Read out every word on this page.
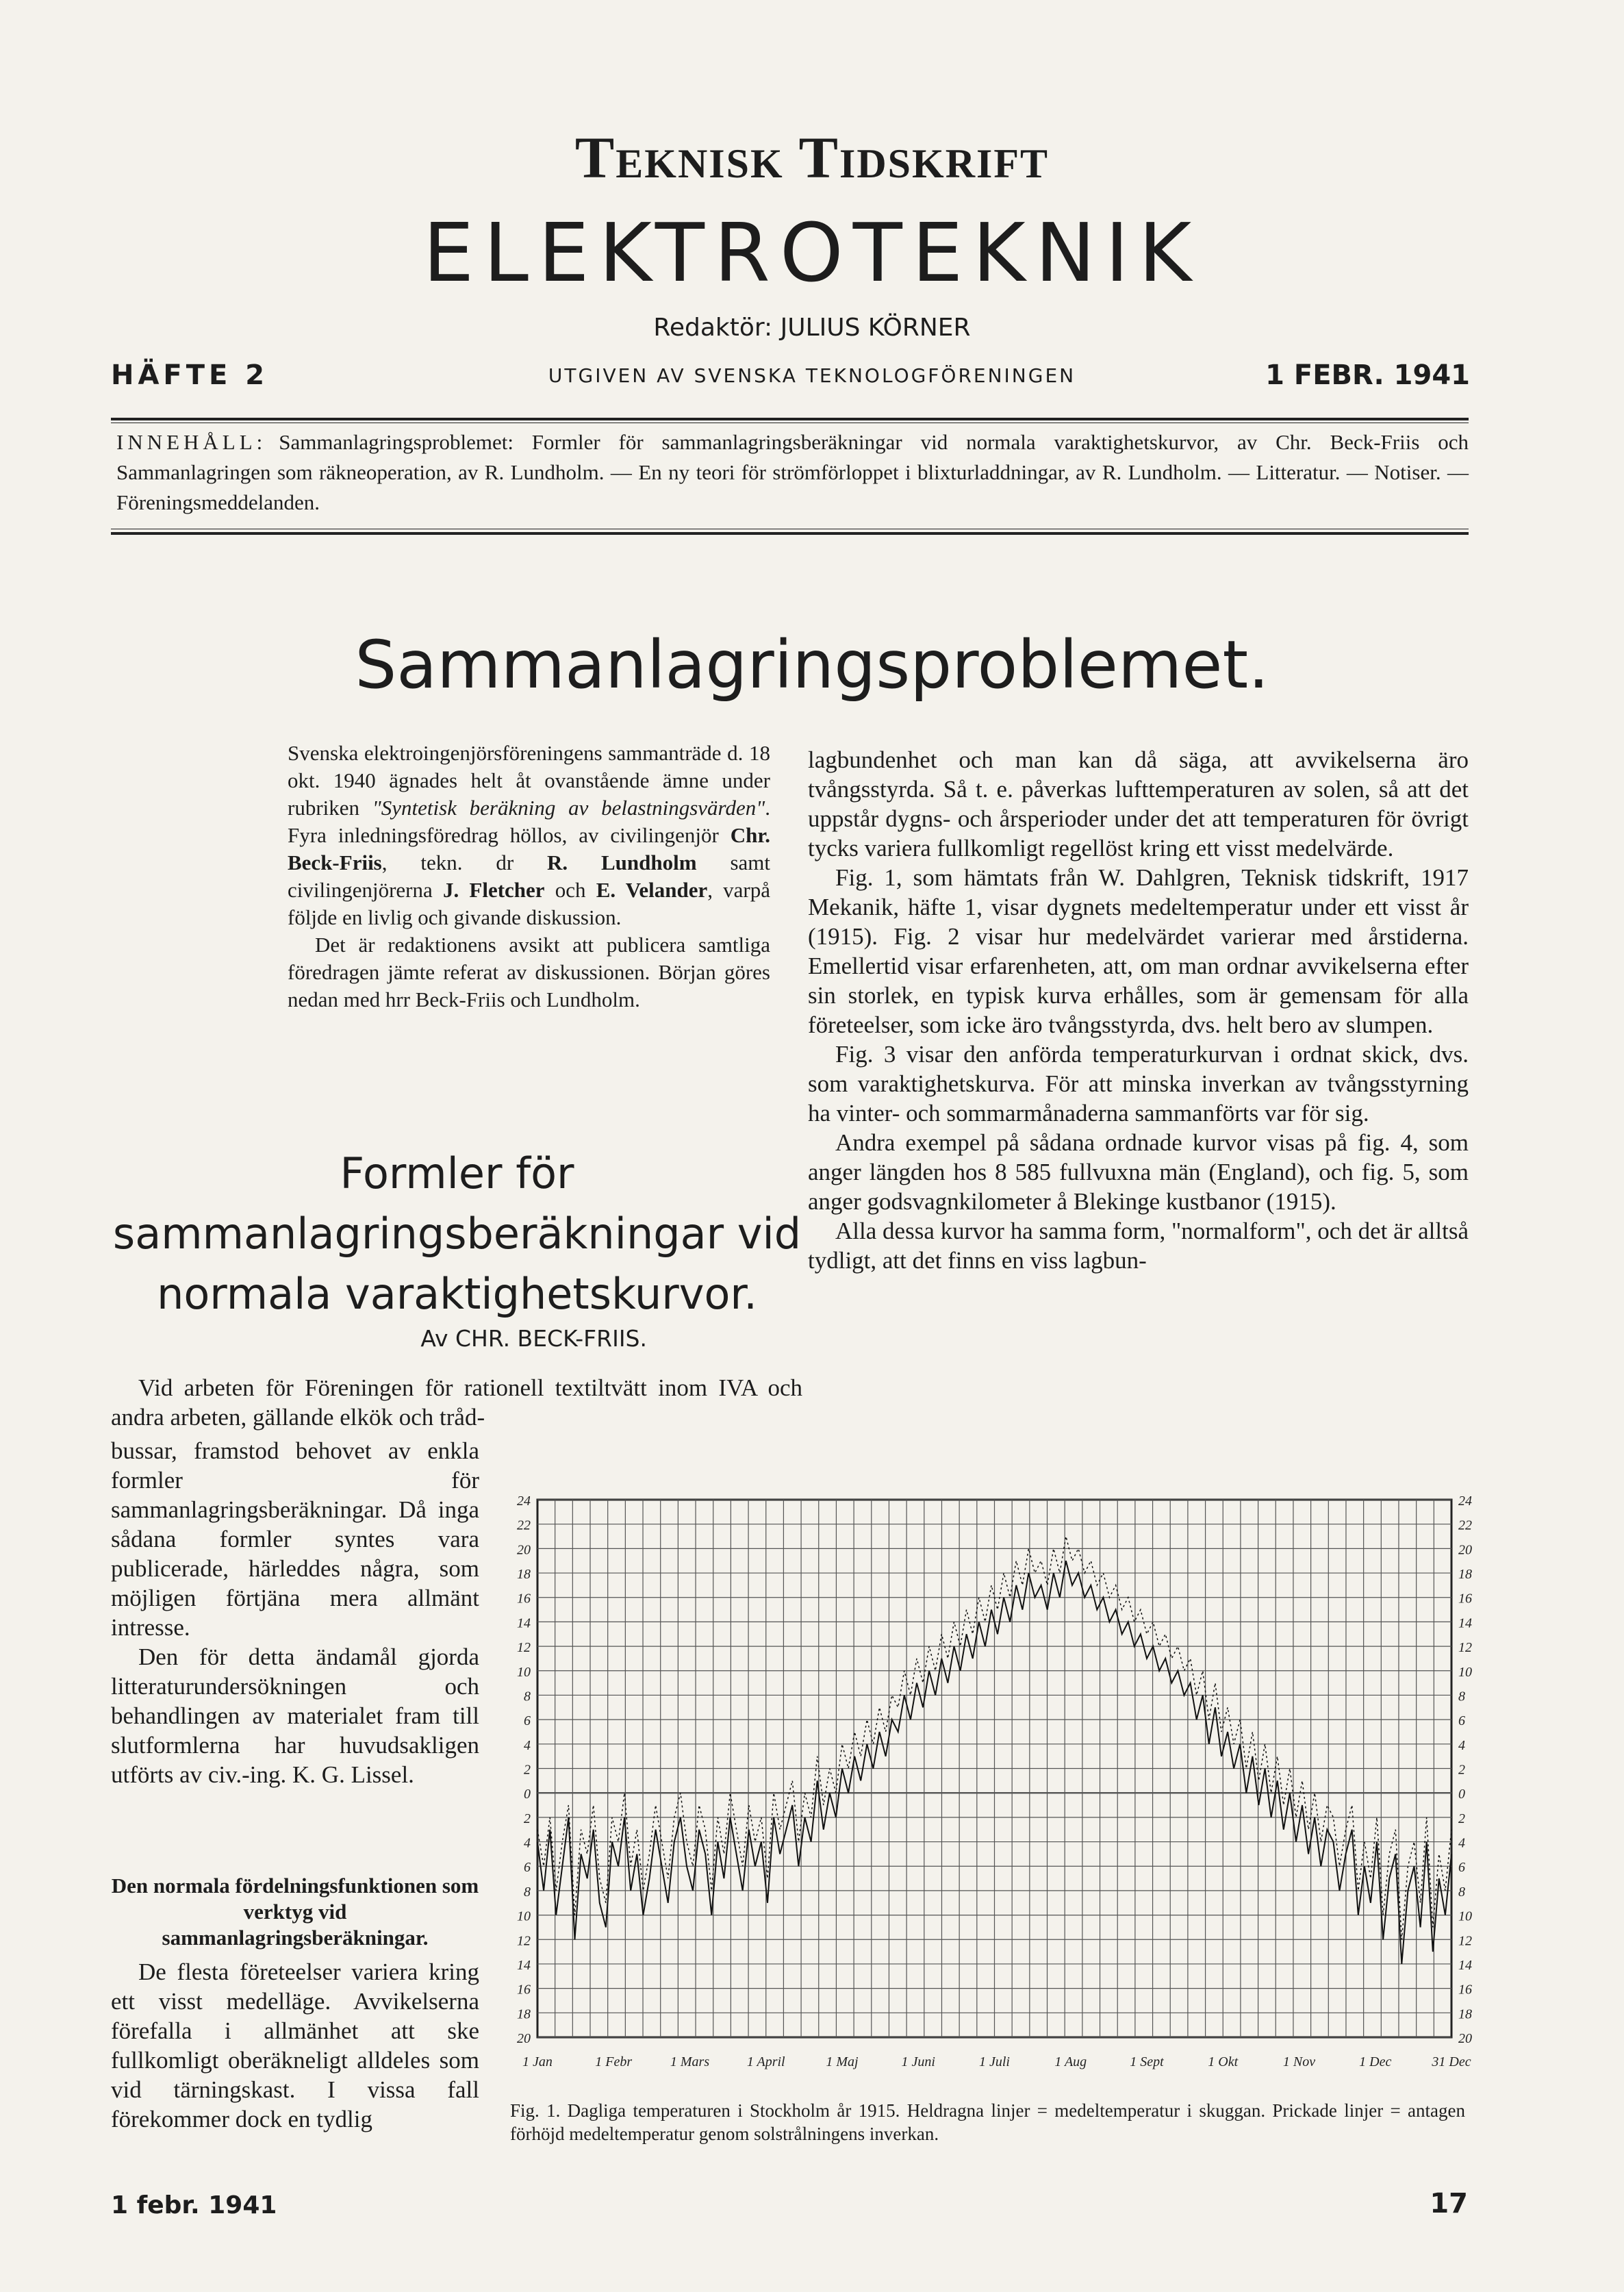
Teknisk Tidskrift
ELEKTROTEKNIK
Redaktör: JULIUS KÖRNER
HÄFTE 2	UTGIVEN AV SVENSKA TEKNOLOGFÖRENINGEN	1 FEBR. 1941
INNEHÅLL: Sammanlagringsproblemet: Formler för sammanlagringsberäkningar vid normala varaktighetskurvor, av Chr. Beck-Friis och Sammanlagringen som räkneoperation, av R. Lundholm. — En ny teori för strömförloppet i blixturladdningar, av R. Lundholm. — Litteratur. — Notiser. — Föreningsmeddelanden.
Sammanlagringsproblemet.

Svenska elektroingenjörsföreningens sammanträde d. 18 okt. 1940 ägnades helt åt ovanstående ämne under rubriken "Syntetisk beräkning av belastningsvärden". Fyra inledningsföredrag höllos, av civilingenjör Chr. Beck-Friis, tekn. dr R. Lundholm samt civilingenjörerna J. Fletcher och E. Velander, varpå följde en livlig och givande diskussion.

Det är redaktionens avsikt att publicera samtliga föredragen jämte referat av diskussionen. Början göres nedan med hrr Beck-Friis och Lundholm.

Formler för sammanlagringsberäkningar vid normala varaktighetskurvor.
Av CHR. BECK-FRIIS.

Vid arbeten för Föreningen för rationell textiltvätt inom IVA och andra arbeten, gällande elkök och tråd-

bussar, framstod behovet av enkla formler för sammanlagringsberäkningar. Då inga sådana formler syntes vara publicerade, härleddes några, som möjligen förtjäna mera allmänt intresse.

Den för detta ändamål gjorda litteraturundersökningen och behandlingen av materialet fram till slutformlerna har huvudsakligen utförts av civ.-ing. K. G. Lissel.

Den normala fördelningsfunktionen som verktyg vid sammanlagringsberäkningar.

De flesta företeelser variera kring ett visst medelläge. Avvikelserna förefalla i allmänhet att ske fullkomligt oberäkneligt alldeles som vid tärningskast. I vissa fall förekommer dock en tydlig

lagbundenhet och man kan då säga, att avvikelserna äro tvångsstyrda. Så t. e. påverkas lufttemperaturen av solen, så att det uppstår dygns- och årsperioder under det att temperaturen för övrigt tycks variera fullkomligt regellöst kring ett visst medelvärde.

Fig. 1, som hämtats från W. Dahlgren, Teknisk tidskrift, 1917 Mekanik, häfte 1, visar dygnets medeltemperatur under ett visst år (1915). Fig. 2 visar hur medelvärdet varierar med årstiderna. Emellertid visar erfarenheten, att, om man ordnar avvikelserna efter sin storlek, en typisk kurva erhålles, som är gemensam för alla företeelser, som icke äro tvångsstyrda, dvs. helt bero av slumpen.

Fig. 3 visar den anförda temperaturkurvan i ordnat skick, dvs. som varaktighetskurva. För att minska inverkan av tvångsstyrning ha vinter- och sommarmånaderna sammanförts var för sig.

Andra exempel på sådana ordnade kurvor visas på fig. 4, som anger längden hos 8 585 fullvuxna män (England), och fig. 5, som anger godsvagnkilometer å Blekinge kustbanor (1915).

Alla dessa kurvor ha samma form, "normalform", och det är alltså tydligt, att det finns en viss lagbun-

24	24
22	22
20	20
18	18
16	16
14	14
12	12
10	10
8	8
6	6
4	4
2	2
0	0
2	2
4	4
6	6
8	8
10	10
12	12
14	14
16	16
18	18
20	20
1 Jan	1 Febr	1 Mars	1 April	1 Maj	1 Juni	1 Juli	1 Aug	1 Sept	1 Okt	1 Nov	1 Dec	31 Dec
Fig. 1. Dagliga temperaturen i Stockholm år 1915. Heldragna linjer = medeltemperatur i skuggan. Prickade linjer = antagen förhöjd medeltemperatur genom solstrålningens inverkan.
1 febr. 1941	17
